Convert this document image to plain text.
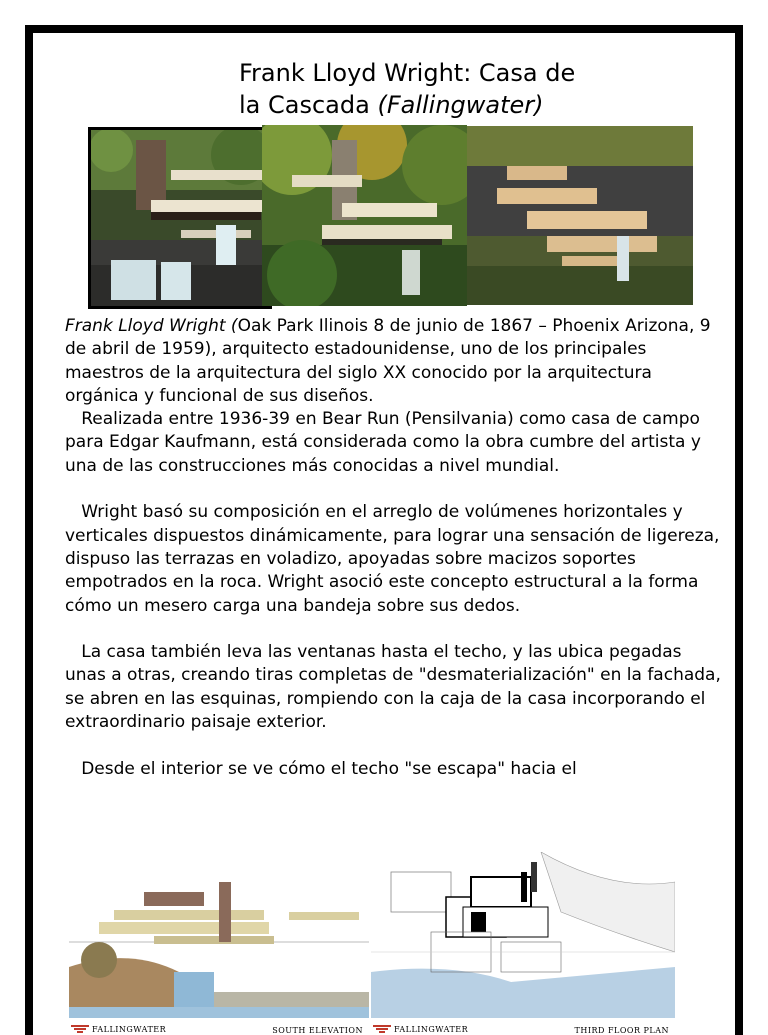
Frank Lloyd Wright: Casa de
la Cascada (Fallingwater)

Frank Lloyd Wright (Oak Park Ilinois 8 de junio de 1867 – Phoenix Arizona, 9 de abril de 1959), arquitecto estadounidense, uno de los principales maestros de la arquitectura del siglo XX conocido por la arquitectura orgánica y funcional de sus diseños.

Realizada entre 1936-39 en Bear Run (Pensilvania) como casa de campo para Edgar Kaufmann, está considerada como la obra cumbre del artista y una de las construcciones más conocidas a nivel mundial.

Wright basó su composición en el arreglo de volúmenes horizontales y verticales dispuestos dinámicamente, para lograr una sensación de ligereza, dispuso las terrazas en voladizo, apoyadas sobre macizos soportes empotrados en la roca. Wright asoció este concepto estructural a la forma cómo un mesero carga una bandeja sobre sus dedos.

La casa también leva las ventanas hasta el techo, y las ubica pegadas unas a otras, creando tiras completas de "desmaterialización" en la fachada, se abren en las esquinas, rompiendo con la caja de la casa incorporando el extraordinario paisaje exterior.

Desde el interior se ve cómo el techo "se escapa" hacia el

FALLINGWATER	SOUTH ELEVATION	FALLINGWATER	THIRD FLOOR PLAN
